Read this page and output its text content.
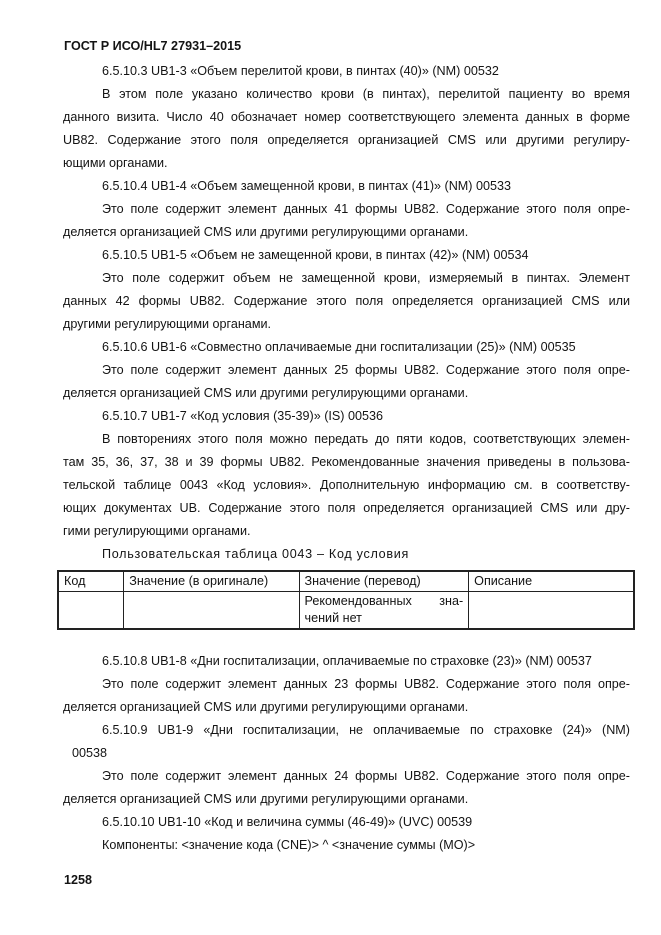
ГОСТ Р ИСО/HL7 27931–2015
6.5.10.3 UB1-3 «Объем перелитой крови, в пинтах (40)» (NM) 00532
В этом поле указано количество крови (в пинтах), перелитой пациенту во время
данного визита. Число 40 обозначает номер соответствующего элемента данных в форме
UB82. Содержание этого поля определяется организацией CMS или другими регулиру-
ющими органами.
6.5.10.4 UB1-4 «Объем замещенной крови, в пинтах (41)» (NM) 00533
Это поле содержит элемент данных 41 формы UB82. Содержание этого поля опре-
деляется организацией CMS или другими регулирующими органами.
6.5.10.5 UB1-5 «Объем не замещенной крови, в пинтах (42)» (NM) 00534
Это поле содержит объем не замещенной крови, измеряемый в пинтах. Элемент
данных 42 формы UB82. Содержание этого поля определяется организацией CMS или
другими регулирующими органами.
6.5.10.6 UB1-6 «Совместно оплачиваемые дни госпитализации (25)» (NM) 00535
Это поле содержит элемент данных 25 формы UB82. Содержание этого поля опре-
деляется организацией CMS или другими регулирующими органами.
6.5.10.7 UB1-7 «Код условия (35-39)» (IS) 00536
В повторениях этого поля можно передать до пяти кодов, соответствующих элемен-
там 35, 36, 37, 38 и 39 формы UB82. Рекомендованные значения приведены в пользова-
тельской таблице 0043 «Код условия». Дополнительную информацию см. в соответству-
ющих документах UB. Содержание этого поля определяется организацией CMS или дру-
гими регулирующими органами.
Пользовательская таблица 0043 – Код условия
Код	Значение (в оригинале)	Значение (перевод)	Описание

		Рекомендованных зна-
чений нет	

6.5.10.8 UB1-8 «Дни госпитализации, оплачиваемые по страховке (23)» (NM) 00537
Это поле содержит элемент данных 23 формы UB82. Содержание этого поля опре-
деляется организацией CMS или другими регулирующими органами.
6.5.10.9 UB1-9 «Дни госпитализации, не оплачиваемые по страховке (24)» (NM)
00538
Это поле содержит элемент данных 24 формы UB82. Содержание этого поля опре-
деляется организацией CMS или другими регулирующими органами.
6.5.10.10 UB1-10 «Код и величина суммы (46-49)» (UVC) 00539
Компоненты: <значение кода (CNE)> ^ <значение суммы (MO)>
1258
